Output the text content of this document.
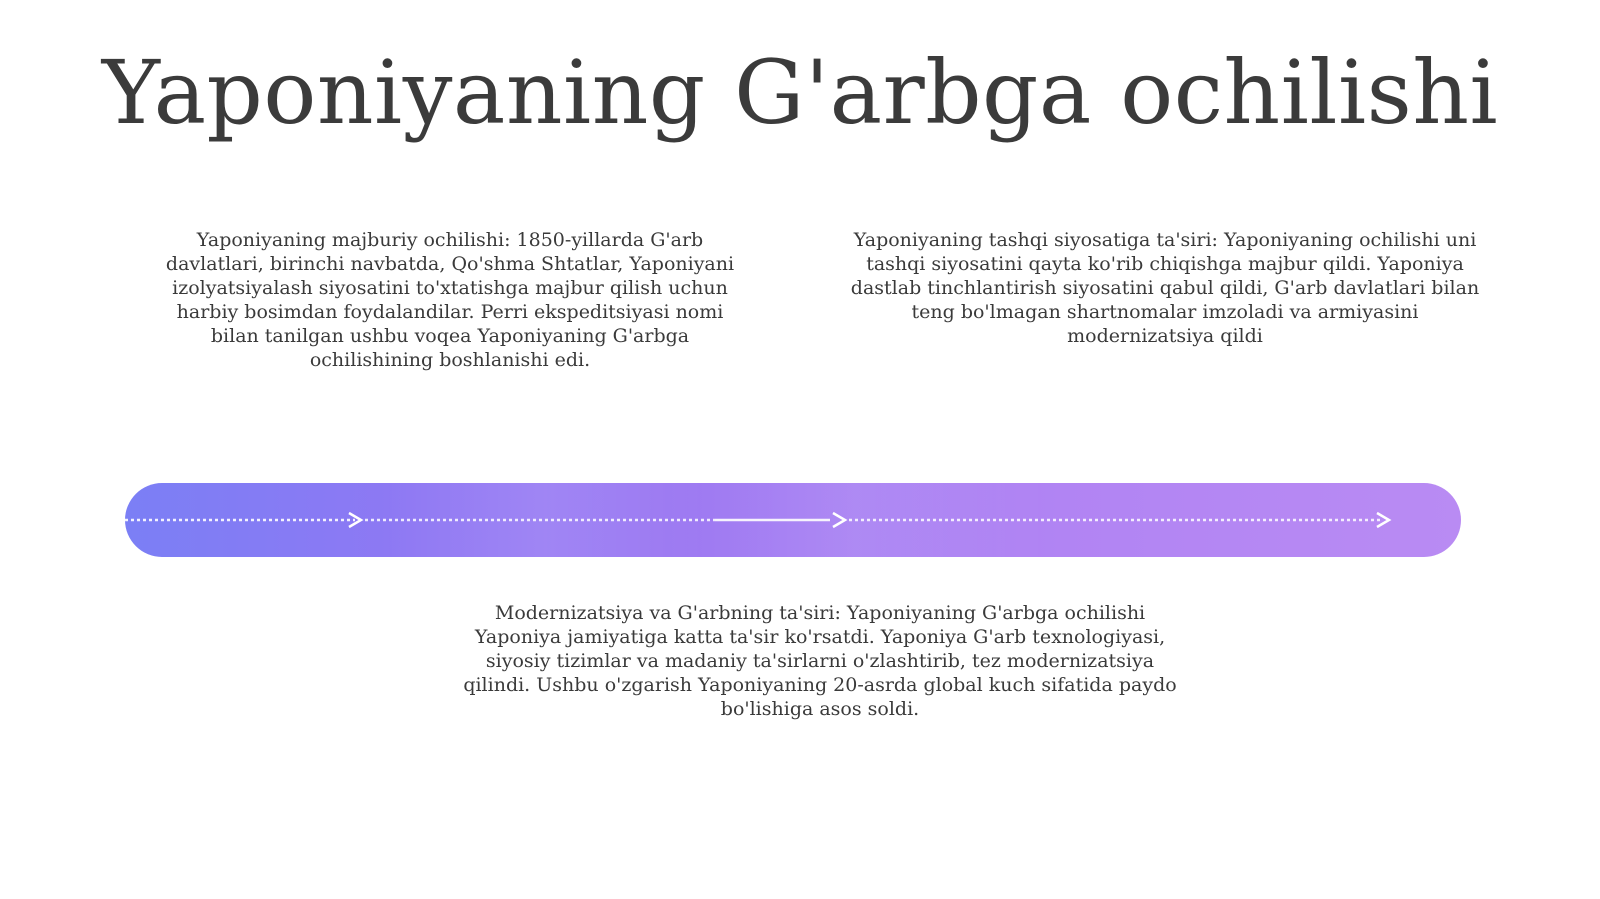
Yaponiyaning G'arbga ochilishi
Yaponiyaning majburiy ochilishi: 1850-yillarda G'arb davlatlari, birinchi navbatda, Qo'shma Shtatlar, Yaponiyani izolyatsiyalash siyosatini to'xtatishga majbur qilish uchun harbiy bosimdan foydalandilar. Perri ekspeditsiyasi nomi bilan tanilgan ushbu voqea Yaponiyaning G'arbga ochilishining boshlanishi edi.
Yaponiyaning tashqi siyosatiga ta'siri: Yaponiyaning ochilishi uni tashqi siyosatini qayta ko'rib chiqishga majbur qildi. Yaponiya dastlab tinchlantirish siyosatini qabul qildi, G'arb davlatlari bilan teng bo'lmagan shartnomalar imzoladi va armiyasini modernizatsiya qildi
Modernizatsiya va G'arbning ta'siri: Yaponiyaning G'arbga ochilishi Yaponiya jamiyatiga katta ta'sir ko'rsatdi. Yaponiya G'arb texnologiyasi, siyosiy tizimlar va madaniy ta'sirlarni o'zlashtirib, tez modernizatsiya qilindi. Ushbu o'zgarish Yaponiyaning 20-asrda global kuch sifatida paydo bo'lishiga asos soldi.
